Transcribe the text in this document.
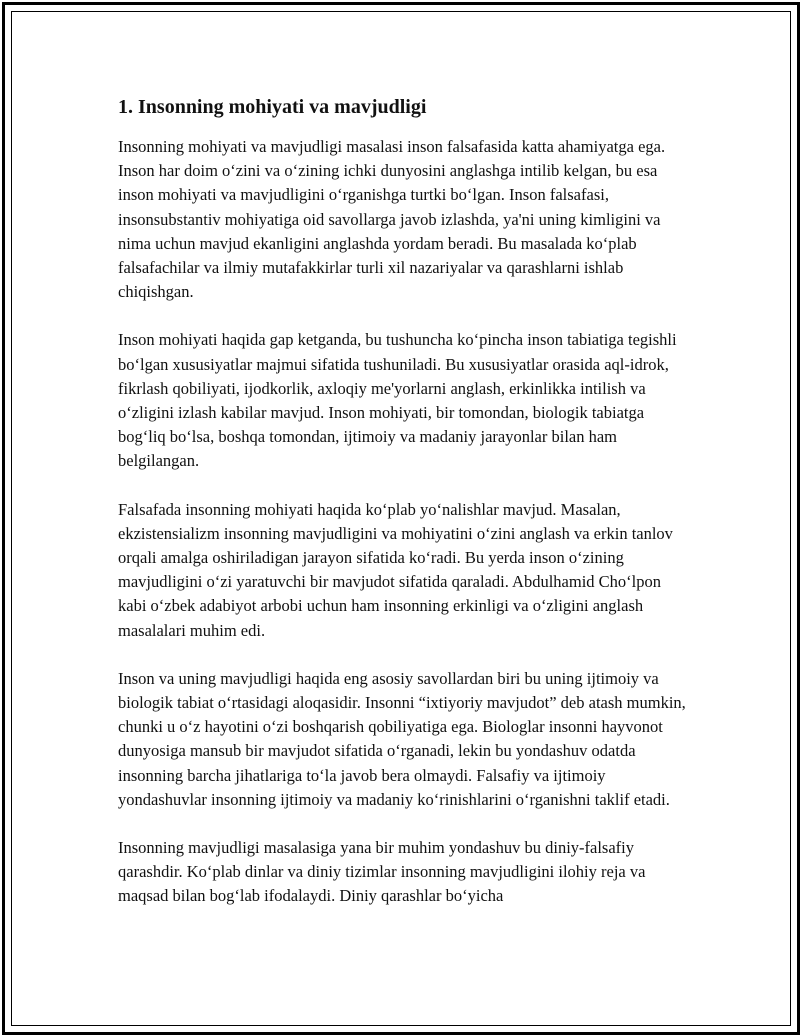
1. Insonning mohiyati va mavjudligi

Insonning mohiyati va mavjudligi masalasi inson falsafasida katta ahamiyatga ega. Inson har doim o‘zini va o‘zining ichki dunyosini anglashga intilib kelgan, bu esa inson mohiyati va mavjudligini o‘rganishga turtki bo‘lgan. Inson falsafasi, insonsubstantiv mohiyatiga oid savollarga javob izlashda, ya'ni uning kimligini va nima uchun mavjud ekanligini anglashda yordam beradi. Bu masalada ko‘plab falsafachilar va ilmiy mutafakkirlar turli xil nazariyalar va qarashlarni ishlab chiqishgan.

Inson mohiyati haqida gap ketganda, bu tushuncha ko‘pincha inson tabiatiga tegishli bo‘lgan xususiyatlar majmui sifatida tushuniladi. Bu xususiyatlar orasida aql-idrok, fikrlash qobiliyati, ijodkorlik, axloqiy me'yorlarni anglash, erkinlikka intilish va o‘zligini izlash kabilar mavjud. Inson mohiyati, bir tomondan, biologik tabiatga bog‘liq bo‘lsa, boshqa tomondan, ijtimoiy va madaniy jarayonlar bilan ham belgilangan.

Falsafada insonning mohiyati haqida ko‘plab yo‘nalishlar mavjud. Masalan, ekzistensializm insonning mavjudligini va mohiyatini o‘zini anglash va erkin tanlov orqali amalga oshiriladigan jarayon sifatida ko‘radi. Bu yerda inson o‘zining mavjudligini o‘zi yaratuvchi bir mavjudot sifatida qaraladi. Abdulhamid Cho‘lpon kabi o‘zbek adabiyot arbobi uchun ham insonning erkinligi va o‘zligini anglash masalalari muhim edi.

Inson va uning mavjudligi haqida eng asosiy savollardan biri bu uning ijtimoiy va biologik tabiat o‘rtasidagi aloqasidir. Insonni “ixtiyoriy mavjudot” deb atash mumkin, chunki u o‘z hayotini o‘zi boshqarish qobiliyatiga ega. Biologlar insonni hayvonot dunyosiga mansub bir mavjudot sifatida o‘rganadi, lekin bu yondashuv odatda insonning barcha jihatlariga to‘la javob bera olmaydi. Falsafiy va ijtimoiy yondashuvlar insonning ijtimoiy va madaniy ko‘rinishlarini o‘rganishni taklif etadi.

Insonning mavjudligi masalasiga yana bir muhim yondashuv bu diniy-falsafiy qarashdir. Ko‘plab dinlar va diniy tizimlar insonning mavjudligini ilohiy reja va maqsad bilan bog‘lab ifodalaydi. Diniy qarashlar bo‘yicha
